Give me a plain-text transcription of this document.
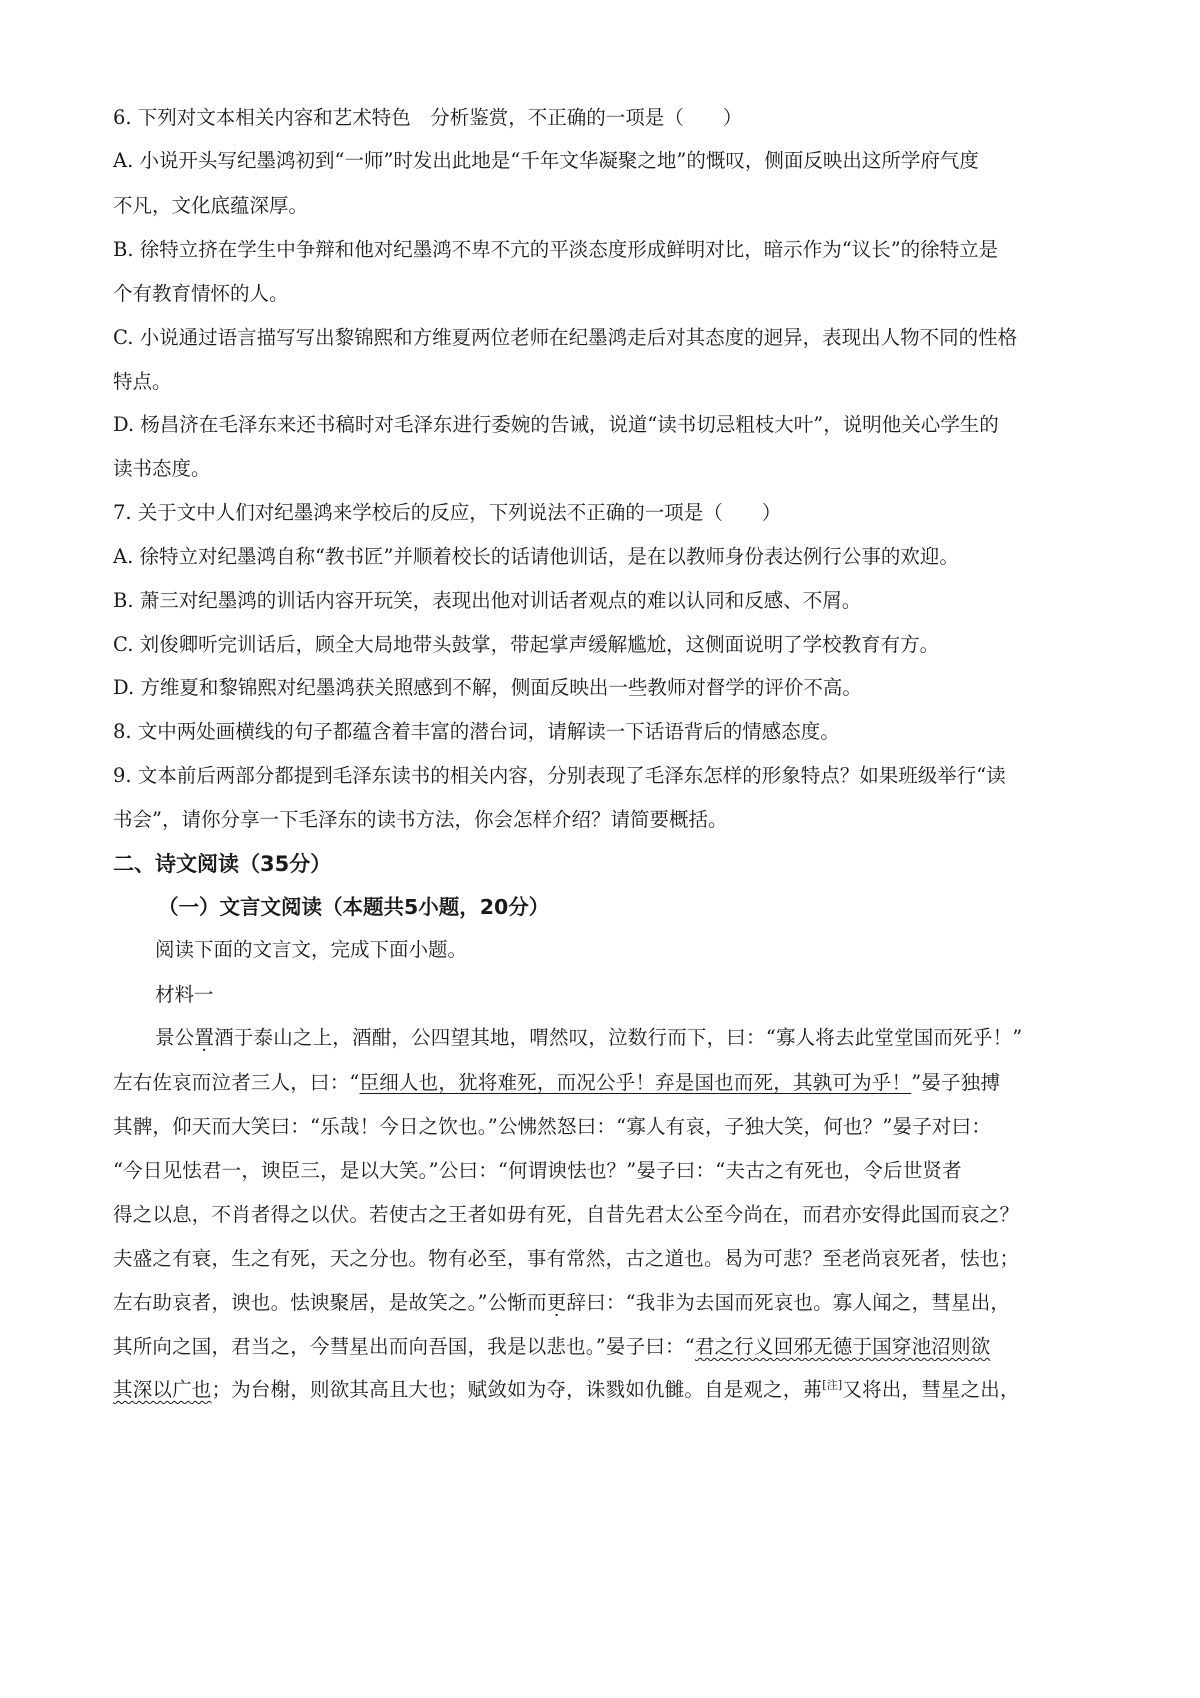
6. 下列对文本相关内容和艺术特色　分析鉴赏，不正确的一项是（　　）
A. 小说开头写纪墨鸿初到“一师”时发出此地是“千年文华凝聚之地”的慨叹，侧面反映出这所学府气度
不凡，文化底蕴深厚。
B. 徐特立挤在学生中争辩和他对纪墨鸿不卑不亢的平淡态度形成鲜明对比，暗示作为“议长”的徐特立是
个有教育情怀的人。
C. 小说通过语言描写写出黎锦熙和方维夏两位老师在纪墨鸿走后对其态度的迥异，表现出人物不同的性格
特点。
D. 杨昌济在毛泽东来还书稿时对毛泽东进行委婉的告诫，说道“读书切忌粗枝大叶”，说明他关心学生的
读书态度。
7. 关于文中人们对纪墨鸿来学校后的反应，下列说法不正确的一项是（　　）
A. 徐特立对纪墨鸿自称“教书匠”并顺着校长的话请他训话，是在以教师身份表达例行公事的欢迎。
B. 萧三对纪墨鸿的训话内容开玩笑，表现出他对训话者观点的难以认同和反感、不屑。
C. 刘俊卿听完训话后，顾全大局地带头鼓掌，带起掌声缓解尴尬，这侧面说明了学校教育有方。
D. 方维夏和黎锦熙对纪墨鸿获关照感到不解，侧面反映出一些教师对督学的评价不高。
8. 文中两处画横线的句子都蕴含着丰富的潜台词，请解读一下话语背后的情感态度。
9. 文本前后两部分都提到毛泽东读书的相关内容，分别表现了毛泽东怎样的形象特点？如果班级举行“读
书会”，请你分享一下毛泽东的读书方法，你会怎样介绍？请简要概括。
二、诗文阅读（35分）
（一）文言文阅读（本题共5小题，20分）
阅读下面的文言文，完成下面小题。
材料一
景公置酒于泰山之上，酒酣，公四望其地，喟然叹，泣数行而下，曰：“寡人将去此堂堂国而死乎！”
左右佐哀而泣者三人，曰：“臣细人也，犹将难死，而况公乎！弃是国也而死，其孰可为乎！”晏子独搏
其髀，仰天而大笑曰：“乐哉！今日之饮也。”公怫然怒曰：“寡人有哀，子独大笑，何也？”晏子对曰：
“今日见怯君一，谀臣三，是以大笑。”公曰：“何谓谀怯也？”晏子曰：“夫古之有死也，令后世贤者
得之以息，不肖者得之以伏。若使古之王者如毋有死，自昔先君太公至今尚在，而君亦安得此国而哀之？
夫盛之有衰，生之有死，天之分也。物有必至，事有常然，古之道也。曷为可悲？至老尚哀死者，怯也；
左右助哀者，谀也。怯谀聚居，是故笑之。”公惭而更辞曰：“我非为去国而死哀也。寡人闻之，彗星出，
其所向之国，君当之，今彗星出而向吾国，我是以悲也。”晏子曰：“君之行义回邪无德于国穿池沼则欲
其深以广也；为台榭，则欲其高且大也；赋敛如为夺，诛戮如仇雠。自是观之，茀[注]又将出，彗星之出，
